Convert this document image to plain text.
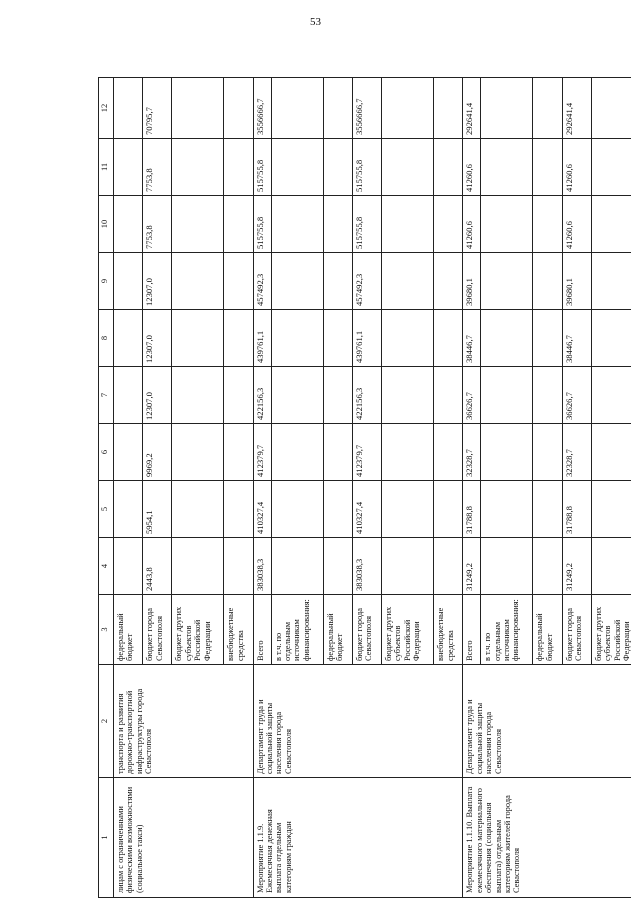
53
1	2	3	4	5	6	7	8	9	10	11	12
лицам с ограниченными физическими возможностями (социальное такси)	транспорта и развития дорожно-транспортной инфраструктуры города Севастополя	федеральный бюджет									
		бюджет города Севастополя	2443,8	5954,1	9969,2	12307,0	12307,0	12307,0	7753,8	7753,8	70795,7
		бюджет других субъектов Российской Федерации									
		внебюджетные средства									
Мероприятие 1.1.9. Ежемесячная денежная выплата отдельным категориям граждан	Департамент труда и социальной защиты населения города Севастополя	Всего	383038,3	410327,4	412379,7	422156,3	439761,1	457492,3	515755,8	515755,8	3556666,7
		в т.ч. по отдельным источникам финансирования:									
		федеральный бюджет									
		бюджет города Севастополя	383038,3	410327,4	412379,7	422156,3	439761,1	457492,3	515755,8	515755,8	3556666,7
		бюджет других субъектов Российской Федерации									
		внебюджетные средства									
Мероприятие 1.1.10. Выплата ежемесячного материального обеспечения (социальная выплата) отдельным категориям жителей города Севастополя	Департамент труда и социальной защиты населения города Севастополя	Всего	31249,2	31788,8	32328,7	36626,7	38446,7	39680,1	41260,6	41260,6	292641,4
		в т.ч. по отдельным источникам финансирования:									
		федеральный бюджет									
		бюджет города Севастополя	31249,2	31788,8	32328,7	36626,7	38446,7	39680,1	41260,6	41260,6	292641,4
		бюджет других субъектов Российской Федерации									
